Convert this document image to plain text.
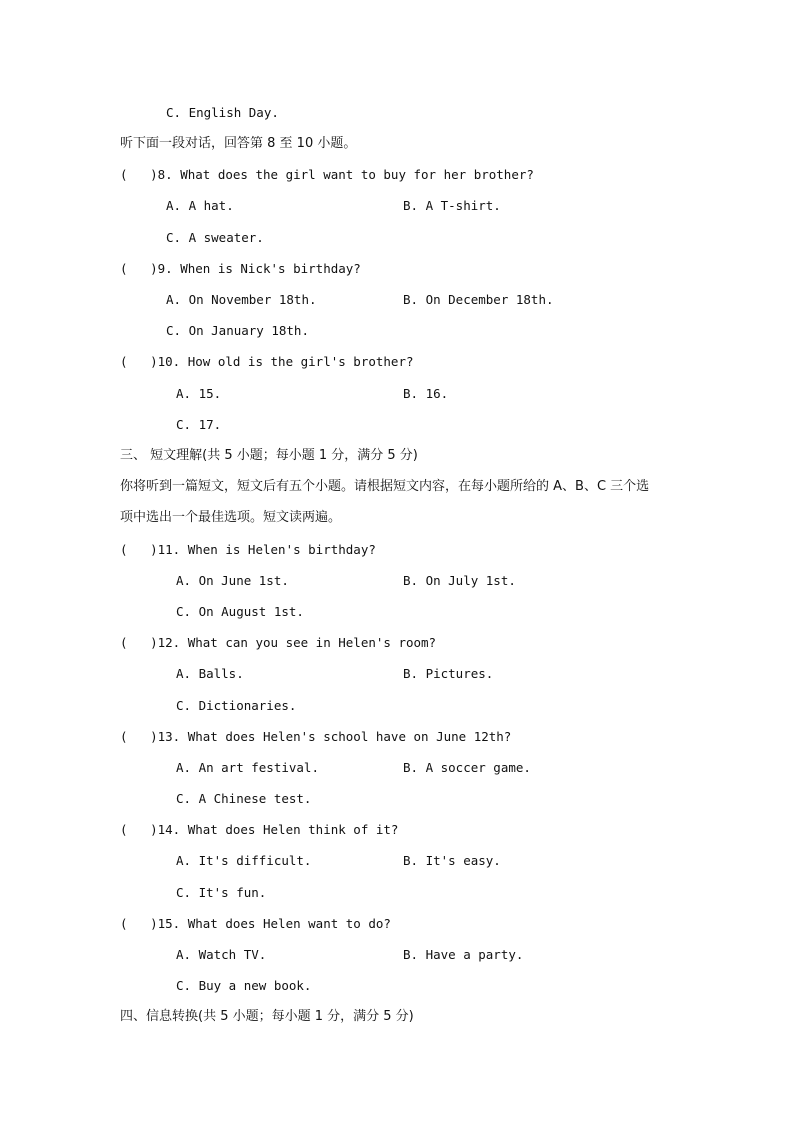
C. English Day.
听下面一段对话，回答第 8 至 10 小题。
(   )8. What does the girl want to buy for her brother?
A. A hat.	B. A T-shirt.
C. A sweater.
(   )9. When is Nick's birthday?
A. On November 18th.	B. On December 18th.
C. On January 18th.
(   )10. How old is the girl's brother?
A. 15.	B. 16.
C. 17.
三、 短文理解(共 5 小题；每小题 1 分，满分 5 分)
你将听到一篇短文，短文后有五个小题。请根据短文内容，在每小题所给的 A、B、C 三个选
项中选出一个最佳选项。短文读两遍。
(   )11. When is Helen's birthday?
A. On June 1st.	B. On July 1st.
C. On August 1st.
(   )12. What can you see in Helen's room?
A. Balls.	B. Pictures.
C. Dictionaries.
(   )13. What does Helen's school have on June 12th?
A. An art festival.	B. A soccer game.
C. A Chinese test.
(   )14. What does Helen think of it?
A. It's difficult.	B. It's easy.
C. It's fun.
(   )15. What does Helen want to do?
A. Watch TV.	B. Have a party.
C. Buy a new book.
四、信息转换(共 5 小题；每小题 1 分，满分 5 分)
